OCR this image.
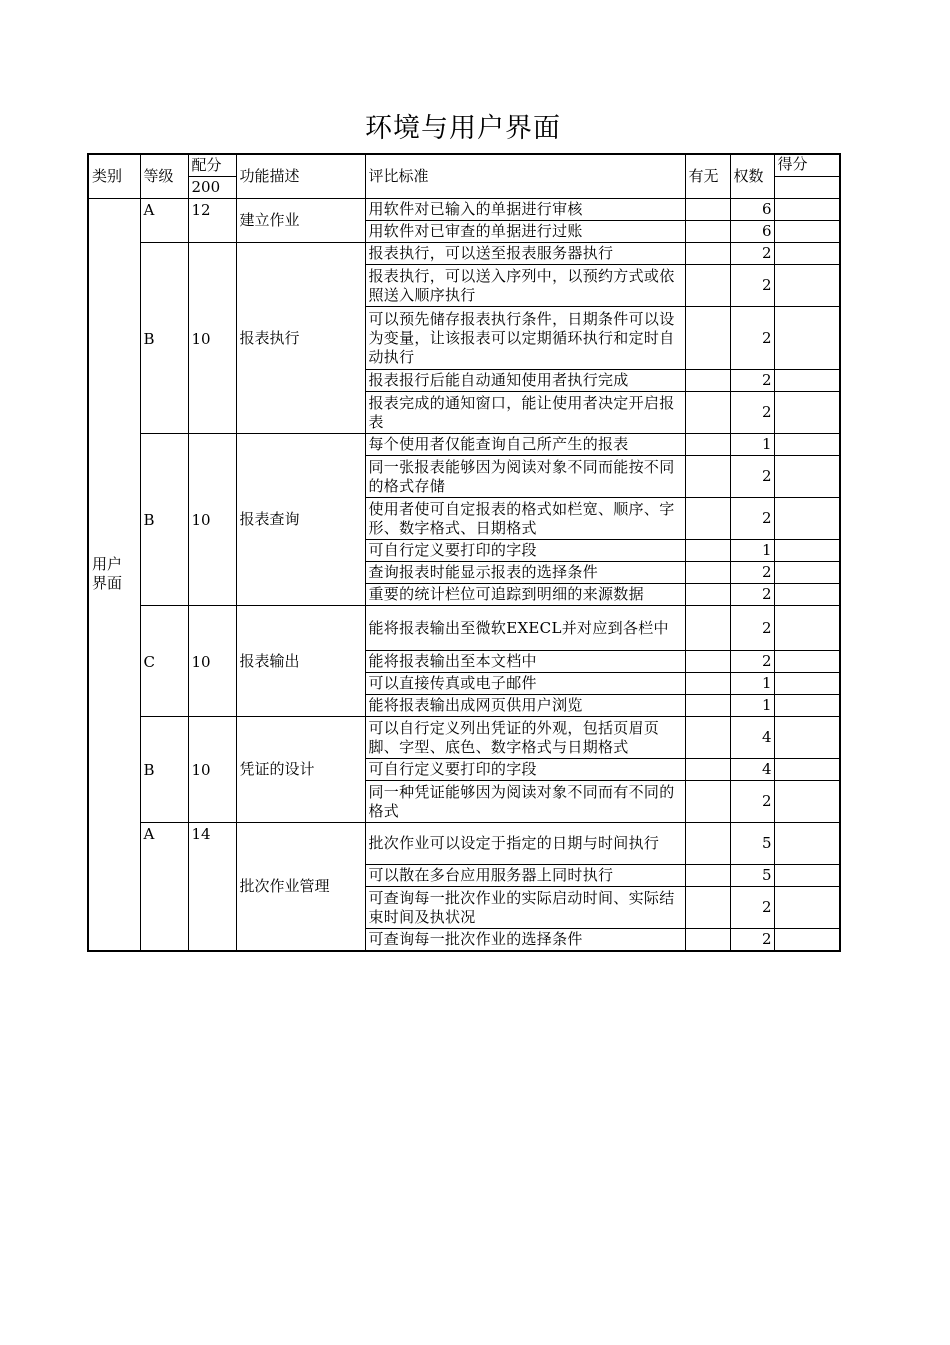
环境与用户界面
类别	等级	配分	功能描述	评比标准	有无	权数	得分
		200					
用户界面	A	12	建立作业	用软件对已输入的单据进行审核		6	
				用软件对已审查的单据进行过账		6	
	B	10	报表执行	报表执行，可以送至报表服务器执行		2	
				报表执行，可以送入序列中，以预约方式或依照送入顺序执行		2	
				可以预先储存报表执行条件，日期条件可以设为变量，让该报表可以定期循环执行和定时自动执行		2	
				报表报行后能自动通知使用者执行完成		2	
				报表完成的通知窗口，能让使用者决定开启报表		2	
	B	10	报表查询	每个使用者仅能查询自己所产生的报表		1	
				同一张报表能够因为阅读对象不同而能按不同的格式存储		2	
				使用者使可自定报表的格式如栏宽、顺序、字形、数字格式、日期格式		2	
				可自行定义要打印的字段		1	
				查询报表时能显示报表的选择条件		2	
				重要的统计栏位可追踪到明细的来源数据		2	
	C	10	报表输出	能将报表输出至微软EXECL并对应到各栏中		2	
				能将报表输出至本文档中		2	
				可以直接传真或电子邮件		1	
				能将报表输出成网页供用户浏览		1	
	B	10	凭证的设计	可以自行定义列出凭证的外观，包括页眉页脚、字型、底色、数字格式与日期格式		4	
				可自行定义要打印的字段		4	
				同一种凭证能够因为阅读对象不同而有不同的格式		2	
	A	14	批次作业管理	批次作业可以设定于指定的日期与时间执行		5	
				可以散在多台应用服务器上同时执行		5	
				可查询每一批次作业的实际启动时间、实际结束时间及执状况		2	
				可查询每一批次作业的选择条件		2	
